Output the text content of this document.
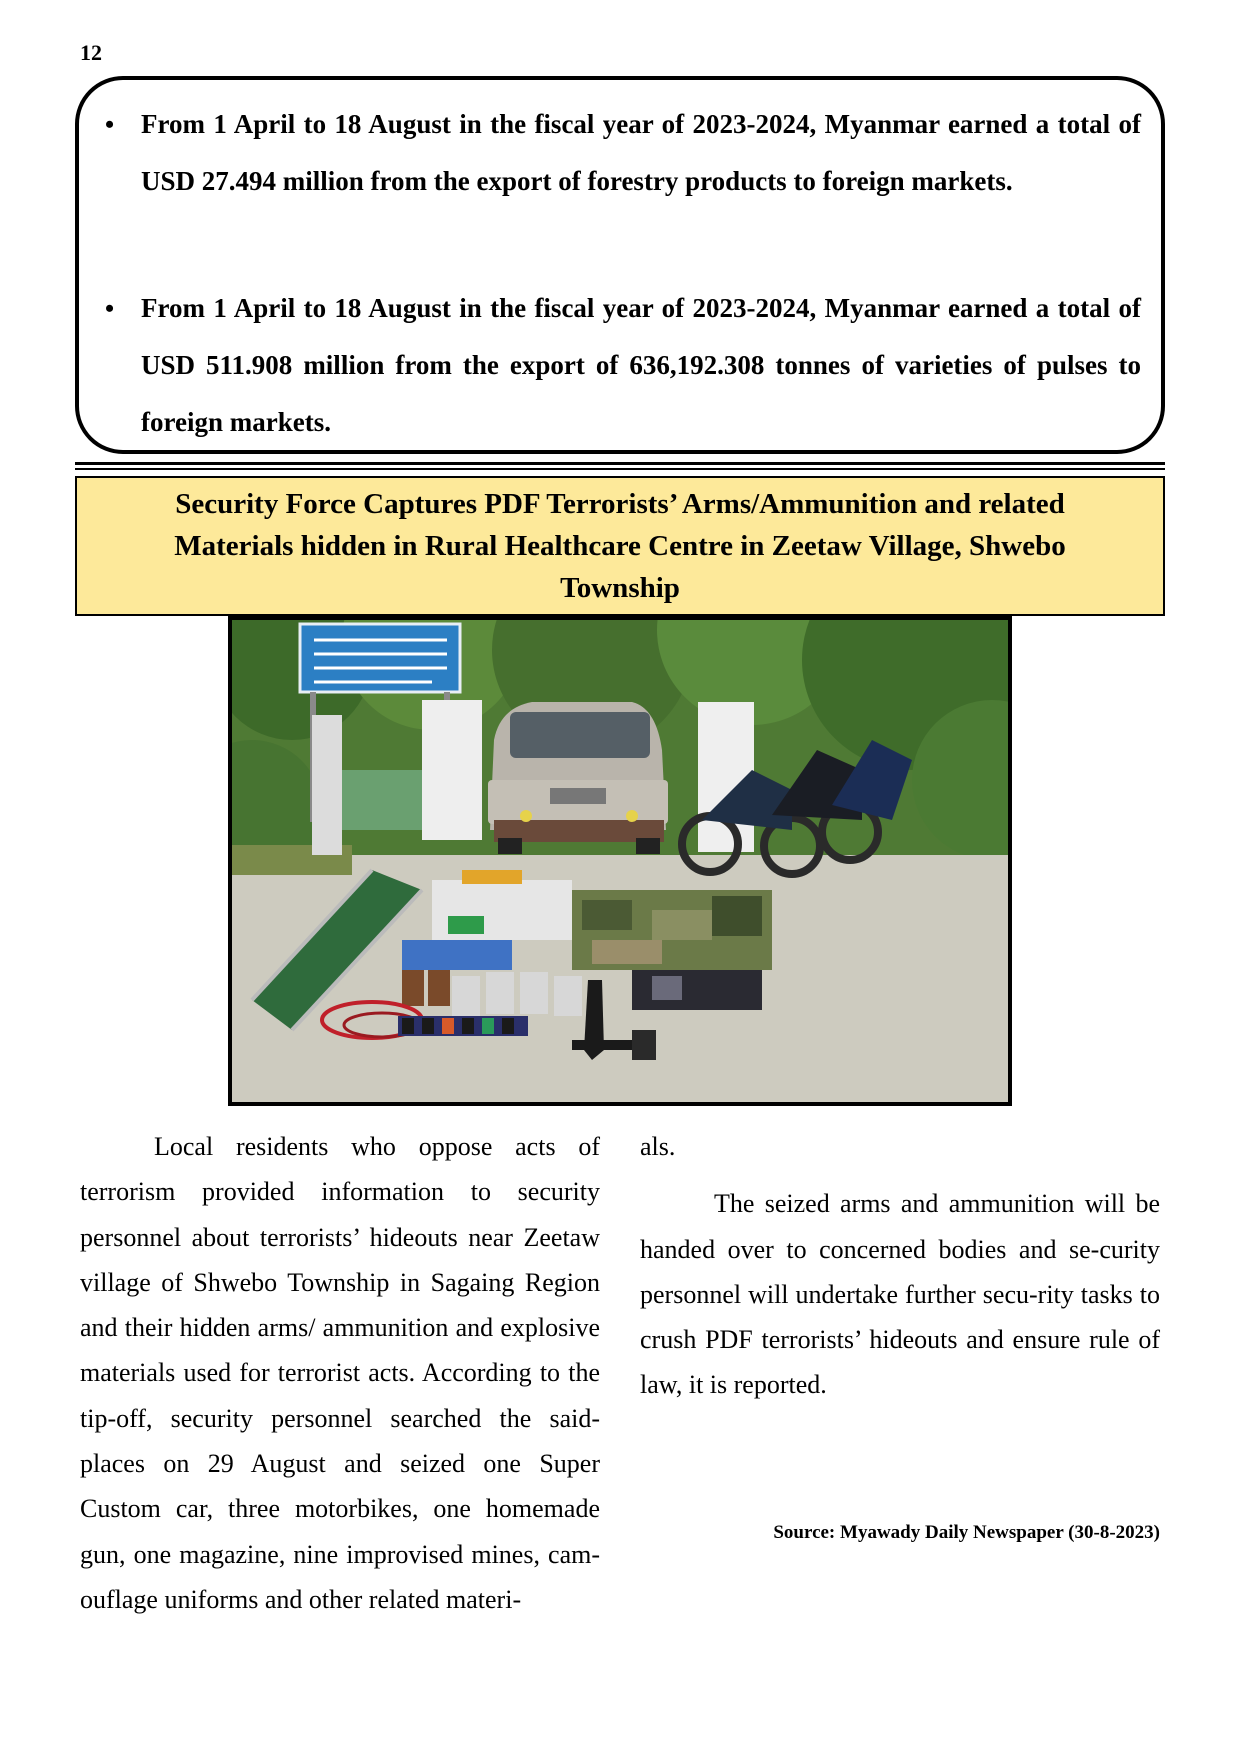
12
• From 1 April to 18 August in the fiscal year of 2023-2024, Myanmar earned a total of USD 27.494 million from the export of forestry products to foreign markets.
• From 1 April to 18 August in the fiscal year of 2023-2024, Myanmar earned a total of USD 511.908 million from the export of 636,192.308 tonnes of varieties of pulses to foreign markets.
Security Force Captures PDF Terrorists’ Arms/Ammunition and related Materials hidden in Rural Healthcare Centre in Zeetaw Village, Shwebo Township

Local residents who oppose acts of terrorism provided information to security personnel about terrorists’ hideouts near Zeetaw village of Shwebo Township in Sagaing Region and their hidden arms/ ammunition and explosive materials used for terrorist acts. According to the tip-off, security personnel searched the said-places on 29 August and seized one Super Custom car, three motorbikes, one homemade gun, one magazine, nine improvised mines, cam-ouflage uniforms and other related materi-

als.

The seized arms and ammunition will be handed over to concerned bodies and se-curity personnel will undertake further secu-rity tasks to crush PDF terrorists’ hideouts and ensure rule of law, it is reported.

Source: Myawady Daily Newspaper (30-8-2023)
